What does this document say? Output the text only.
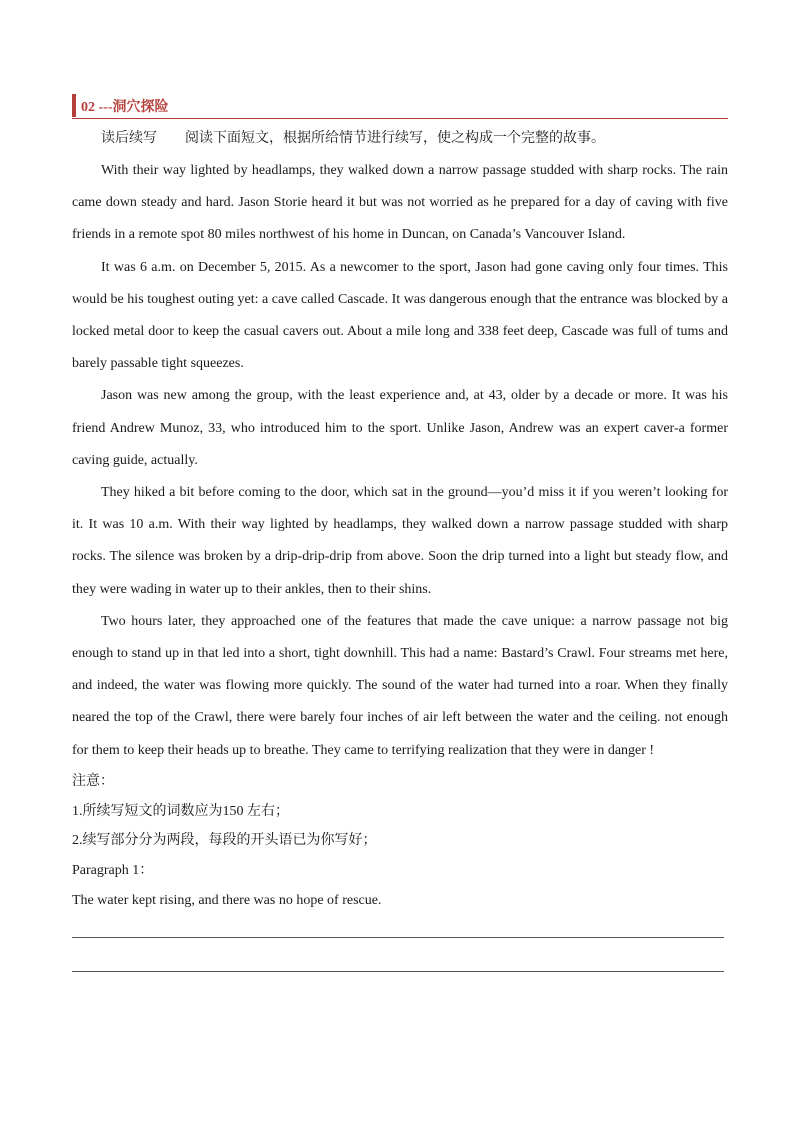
02 ---洞穴探险

读后续写 阅读下面短文，根据所给情节进行续写，使之构成一个完整的故事。

With their way lighted by headlamps, they walked down a narrow passage studded with sharp rocks. The rain came down steady and hard. Jason Storie heard it but was not worried as he prepared for a day of caving with five friends in a remote spot 80 miles northwest of his home in Duncan, on Canada’s Vancouver Island.

It was 6 a.m. on December 5, 2015. As a newcomer to the sport, Jason had gone caving only four times. This would be his toughest outing yet: a cave called Cascade. It was dangerous enough that the entrance was blocked by a locked metal door to keep the casual cavers out. About a mile long and 338 feet deep, Cascade was full of tums and barely passable tight squeezes.

Jason was new among the group, with the least experience and, at 43, older by a decade or more. It was his friend Andrew Munoz, 33, who introduced him to the sport. Unlike Jason, Andrew was an expert caver-a former caving guide, actually.

They hiked a bit before coming to the door, which sat in the ground—you’d miss it if you weren’t looking for it. It was 10 a.m. With their way lighted by headlamps, they walked down a narrow passage studded with sharp rocks. The silence was broken by a drip-drip-drip from above. Soon the drip turned into a light but steady flow, and they were wading in water up to their ankles, then to their shins.

Two hours later, they approached one of the features that made the cave unique: a narrow passage not big enough to stand up in that led into a short, tight downhill. This had a name: Bastard’s Crawl. Four streams met here, and indeed, the water was flowing more quickly. The sound of the water had turned into a roar. When they finally neared the top of the Crawl, there were barely four inches of air left between the water and the ceiling. not enough for them to keep their heads up to breathe. They came to terrifying realization that they were in danger !

注意：

1.所续写短文的词数应为150 左右；

2.续写部分分为两段，每段的开头语已为你写好；

Paragraph 1：

The water kept rising, and there was no hope of rescue.
